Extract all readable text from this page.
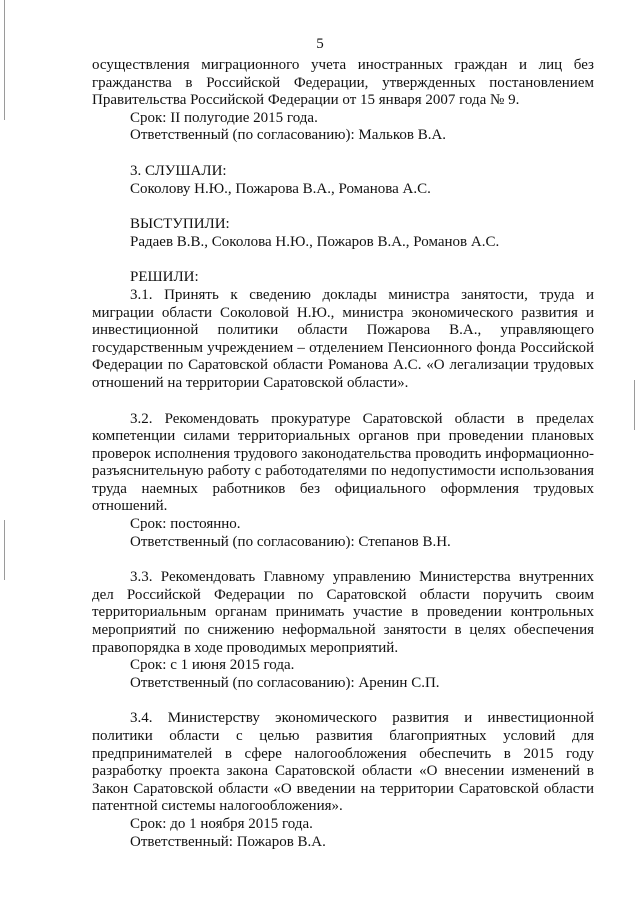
5

осуществления миграционного учета иностранных граждан и лиц без гражданства в Российской Федерации, утвержденных постановлением Правительства Российской Федерации от 15 января 2007 года № 9.

Срок: II полугодие 2015 года.

Ответственный (по согласованию): Мальков В.А.

3. СЛУШАЛИ:

Соколову Н.Ю., Пожарова В.А., Романова А.С.

ВЫСТУПИЛИ:

Радаев В.В., Соколова Н.Ю., Пожаров В.А., Романов А.С.

РЕШИЛИ:

3.1. Принять к сведению доклады министра занятости, труда и миграции области Соколовой Н.Ю., министра экономического развития и инвестиционной политики области Пожарова В.А., управляющего государственным учреждением – отделением Пенсионного фонда Российской Федерации по Саратовской области Романова А.С. «О легализации трудовых отношений на территории Саратовской области».

3.2. Рекомендовать прокуратуре Саратовской области в пределах компетенции силами территориальных органов при проведении плановых проверок исполнения трудового законодательства проводить информационно-разъяснительную работу с работодателями по недопустимости использования труда наемных работников без официального оформления трудовых отношений.

Срок: постоянно.

Ответственный (по согласованию): Степанов В.Н.

3.3. Рекомендовать Главному управлению Министерства внутренних дел Российской Федерации по Саратовской области поручить своим территориальным органам принимать участие в проведении контрольных мероприятий по снижению неформальной занятости в целях обеспечения правопорядка в ходе проводимых мероприятий.

Срок: с 1 июня 2015 года.

Ответственный (по согласованию): Аренин С.П.

3.4. Министерству экономического развития и инвестиционной политики области с целью развития благоприятных условий для предпринимателей в сфере налогообложения обеспечить в 2015 году разработку проекта закона Саратовской области «О внесении изменений в Закон Саратовской области «О введении на территории Саратовской области патентной системы налогообложения».

Срок: до 1 ноября 2015 года.

Ответственный: Пожаров В.А.
